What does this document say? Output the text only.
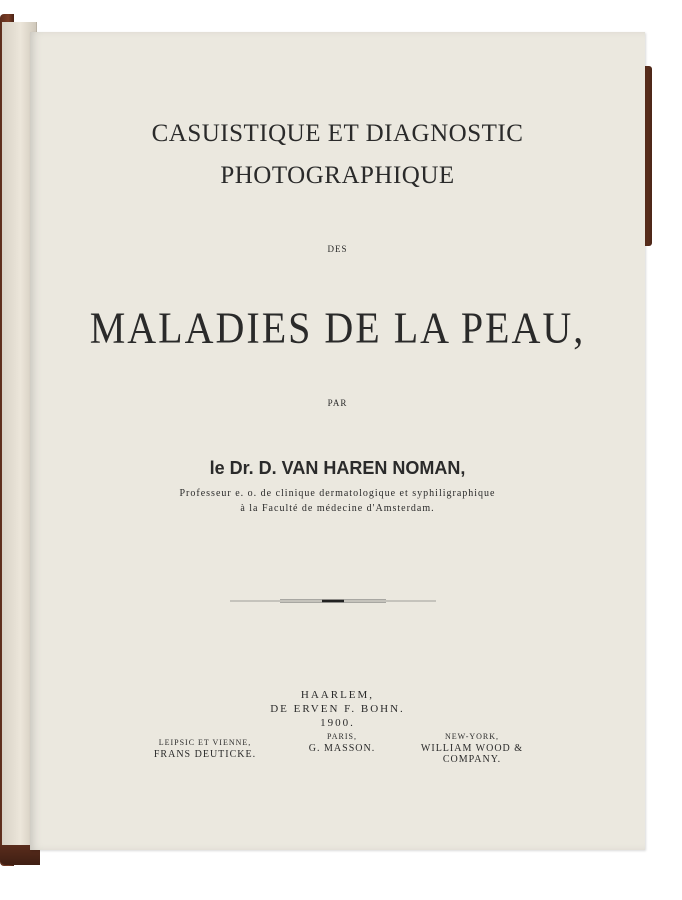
CASUISTIQUE ET DIAGNOSTIC
PHOTOGRAPHIQUE
DES
MALADIES DE LA PEAU,
PAR
le Dr. D. VAN HAREN NOMAN,
Professeur e. o. de clinique dermatologique et syphiligraphique
à la Faculté de médecine d'Amsterdam.
HAARLEM,
DE ERVEN F. BOHN.
1900.
LEIPSIC ET VIENNE,
FRANS DEUTICKE.
PARIS,
G. MASSON.
NEW-YORK,
WILLIAM WOOD & COMPANY.
